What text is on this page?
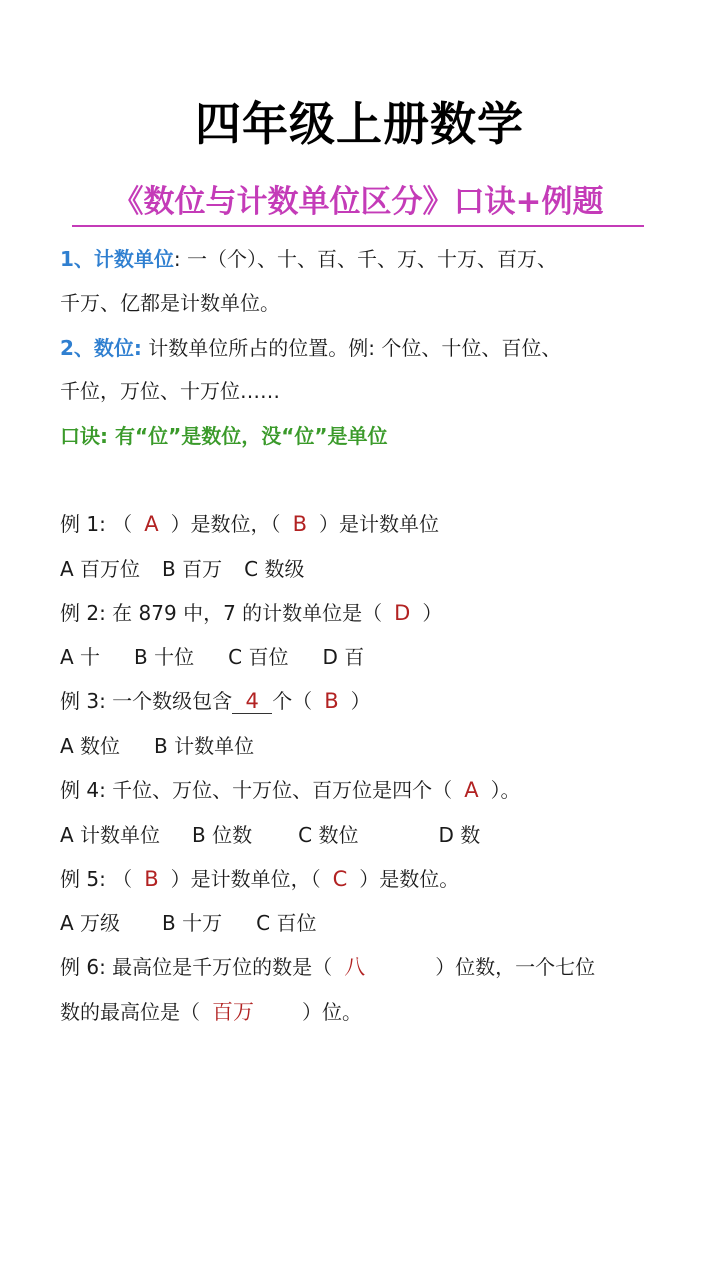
四年级上册数学
《数位与计数单位区分》口诀+例题
1、计数单位: 一（个）、十、百、千、万、十万、百万、
千万、亿都是计数单位。
2、数位: 计数单位所占的位置。例: 个位、十位、百位、
千位，万位、十万位……
口诀: 有“位”是数位，没“位”是单位
例 1: （ A ）是数位，（ B ）是计数单位
A 百万位 B 百万 C 数级
例 2: 在 879 中，7 的计数单位是（ D ）
A 十 B 十位 C 百位 D 百
例 3: 一个数级包含 4 个（ B ）
A 数位 B 计数单位
例 4: 千位、万位、十万位、百万位是四个（ A ）。
A 计数单位 B 位数 C 数位	D 数
例 5: （ B ）是计数单位，（ C ）是数位。
A 万级 B 十万 C 百位
例 6: 最高位是千万位的数是（ 八	）位数，一个七位
数的最高位是（ 百万 ）位。
